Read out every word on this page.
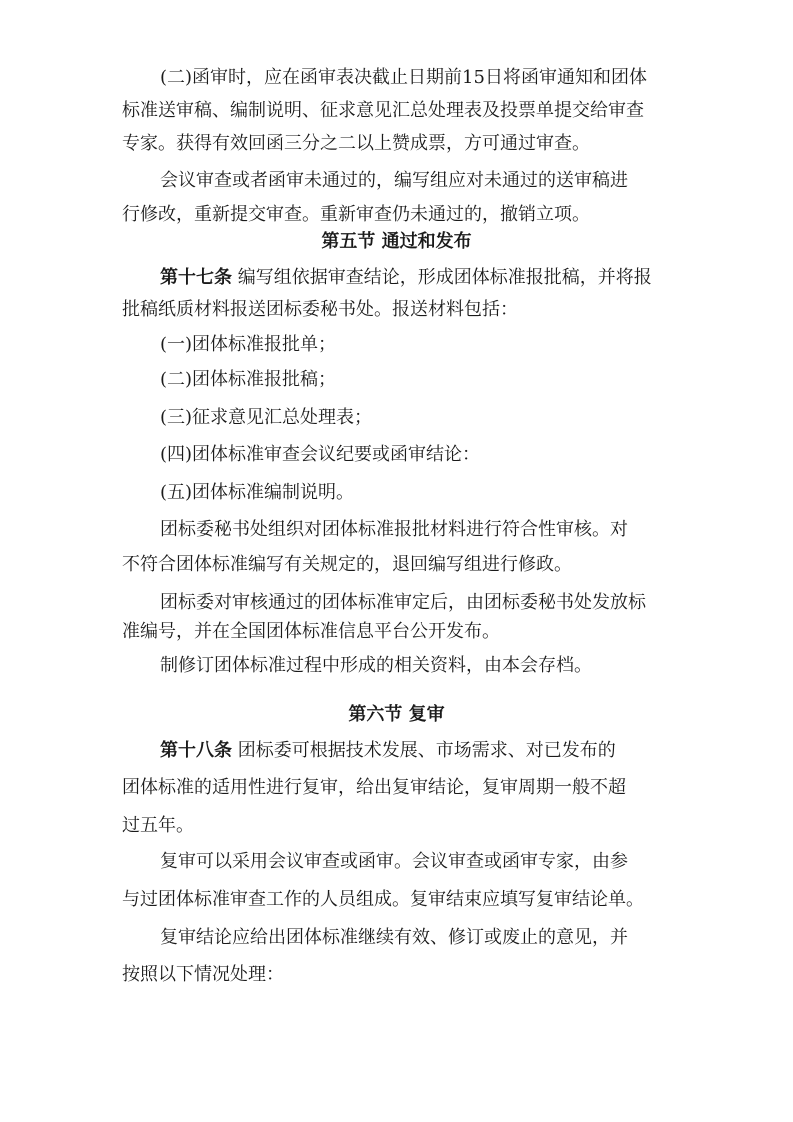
(二)函审时，应在函审表决截止日期前15日将函审通知和团体
标准送审稿、编制说明、征求意见汇总处理表及投票单提交给审查
专家。获得有效回函三分之二以上赞成票，方可通过审查。
会议审查或者函审未通过的，编写组应对未通过的送审稿进
行修改，重新提交审查。重新审查仍未通过的，撤销立项。
第五节 通过和发布
第十七条 编写组依据审查结论，形成团体标准报批稿，并将报
批稿纸质材料报送团标委秘书处。报送材料包括：
(一)团体标准报批单；
(二)团体标准报批稿；
(三)征求意见汇总处理表；
(四)团体标准审查会议纪要或函审结论：
(五)团体标准编制说明。
团标委秘书处组织对团体标准报批材料进行符合性审核。对
不符合团体标准编写有关规定的，退回编写组进行修政。
团标委对审核通过的团体标准审定后，由团标委秘书处发放标
准编号，并在全国团体标准信息平台公开发布。
制修订团体标准过程中形成的相关资料，由本会存档。
第六节 复审
第十八条 团标委可根据技术发展、市场需求、对已发布的
团体标准的适用性进行复审，给出复审结论，复审周期一般不超
过五年。
复审可以采用会议审查或函审。会议审查或函审专家，由参
与过团体标准审查工作的人员组成。复审结束应填写复审结论单。
复审结论应给出团体标准继续有效、修订或废止的意见，并
按照以下情况处理：
